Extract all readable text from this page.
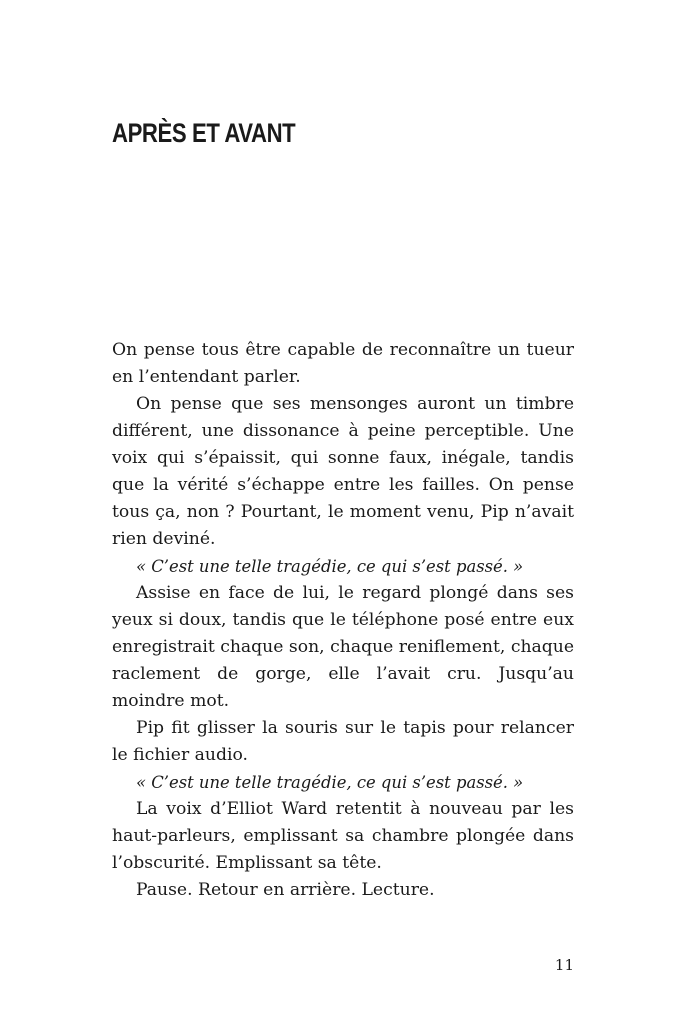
APRÈS ET AVANT

On pense tous être capable de reconnaître un tueur en l’entendant parler.

On pense que ses mensonges auront un timbre différent, une dissonance à peine perceptible. Une voix qui s’épaissit, qui sonne faux, inégale, tandis que la vérité s’échappe entre les failles. On pense tous ça, non ? Pourtant, le moment venu, Pip n’avait rien deviné.

« C’est une telle tragédie, ce qui s’est passé. »

Assise en face de lui, le regard plongé dans ses yeux si doux, tandis que le téléphone posé entre eux enregistrait chaque son, chaque reniflement, chaque raclement de gorge, elle l’avait cru. Jusqu’au moindre mot.

Pip fit glisser la souris sur le tapis pour relancer le fichier audio.

« C’est une telle tragédie, ce qui s’est passé. »

La voix d’Elliot Ward retentit à nouveau par les haut-parleurs, emplissant sa chambre plongée dans l’obscurité. Emplissant sa tête.

Pause. Retour en arrière. Lecture.

11
